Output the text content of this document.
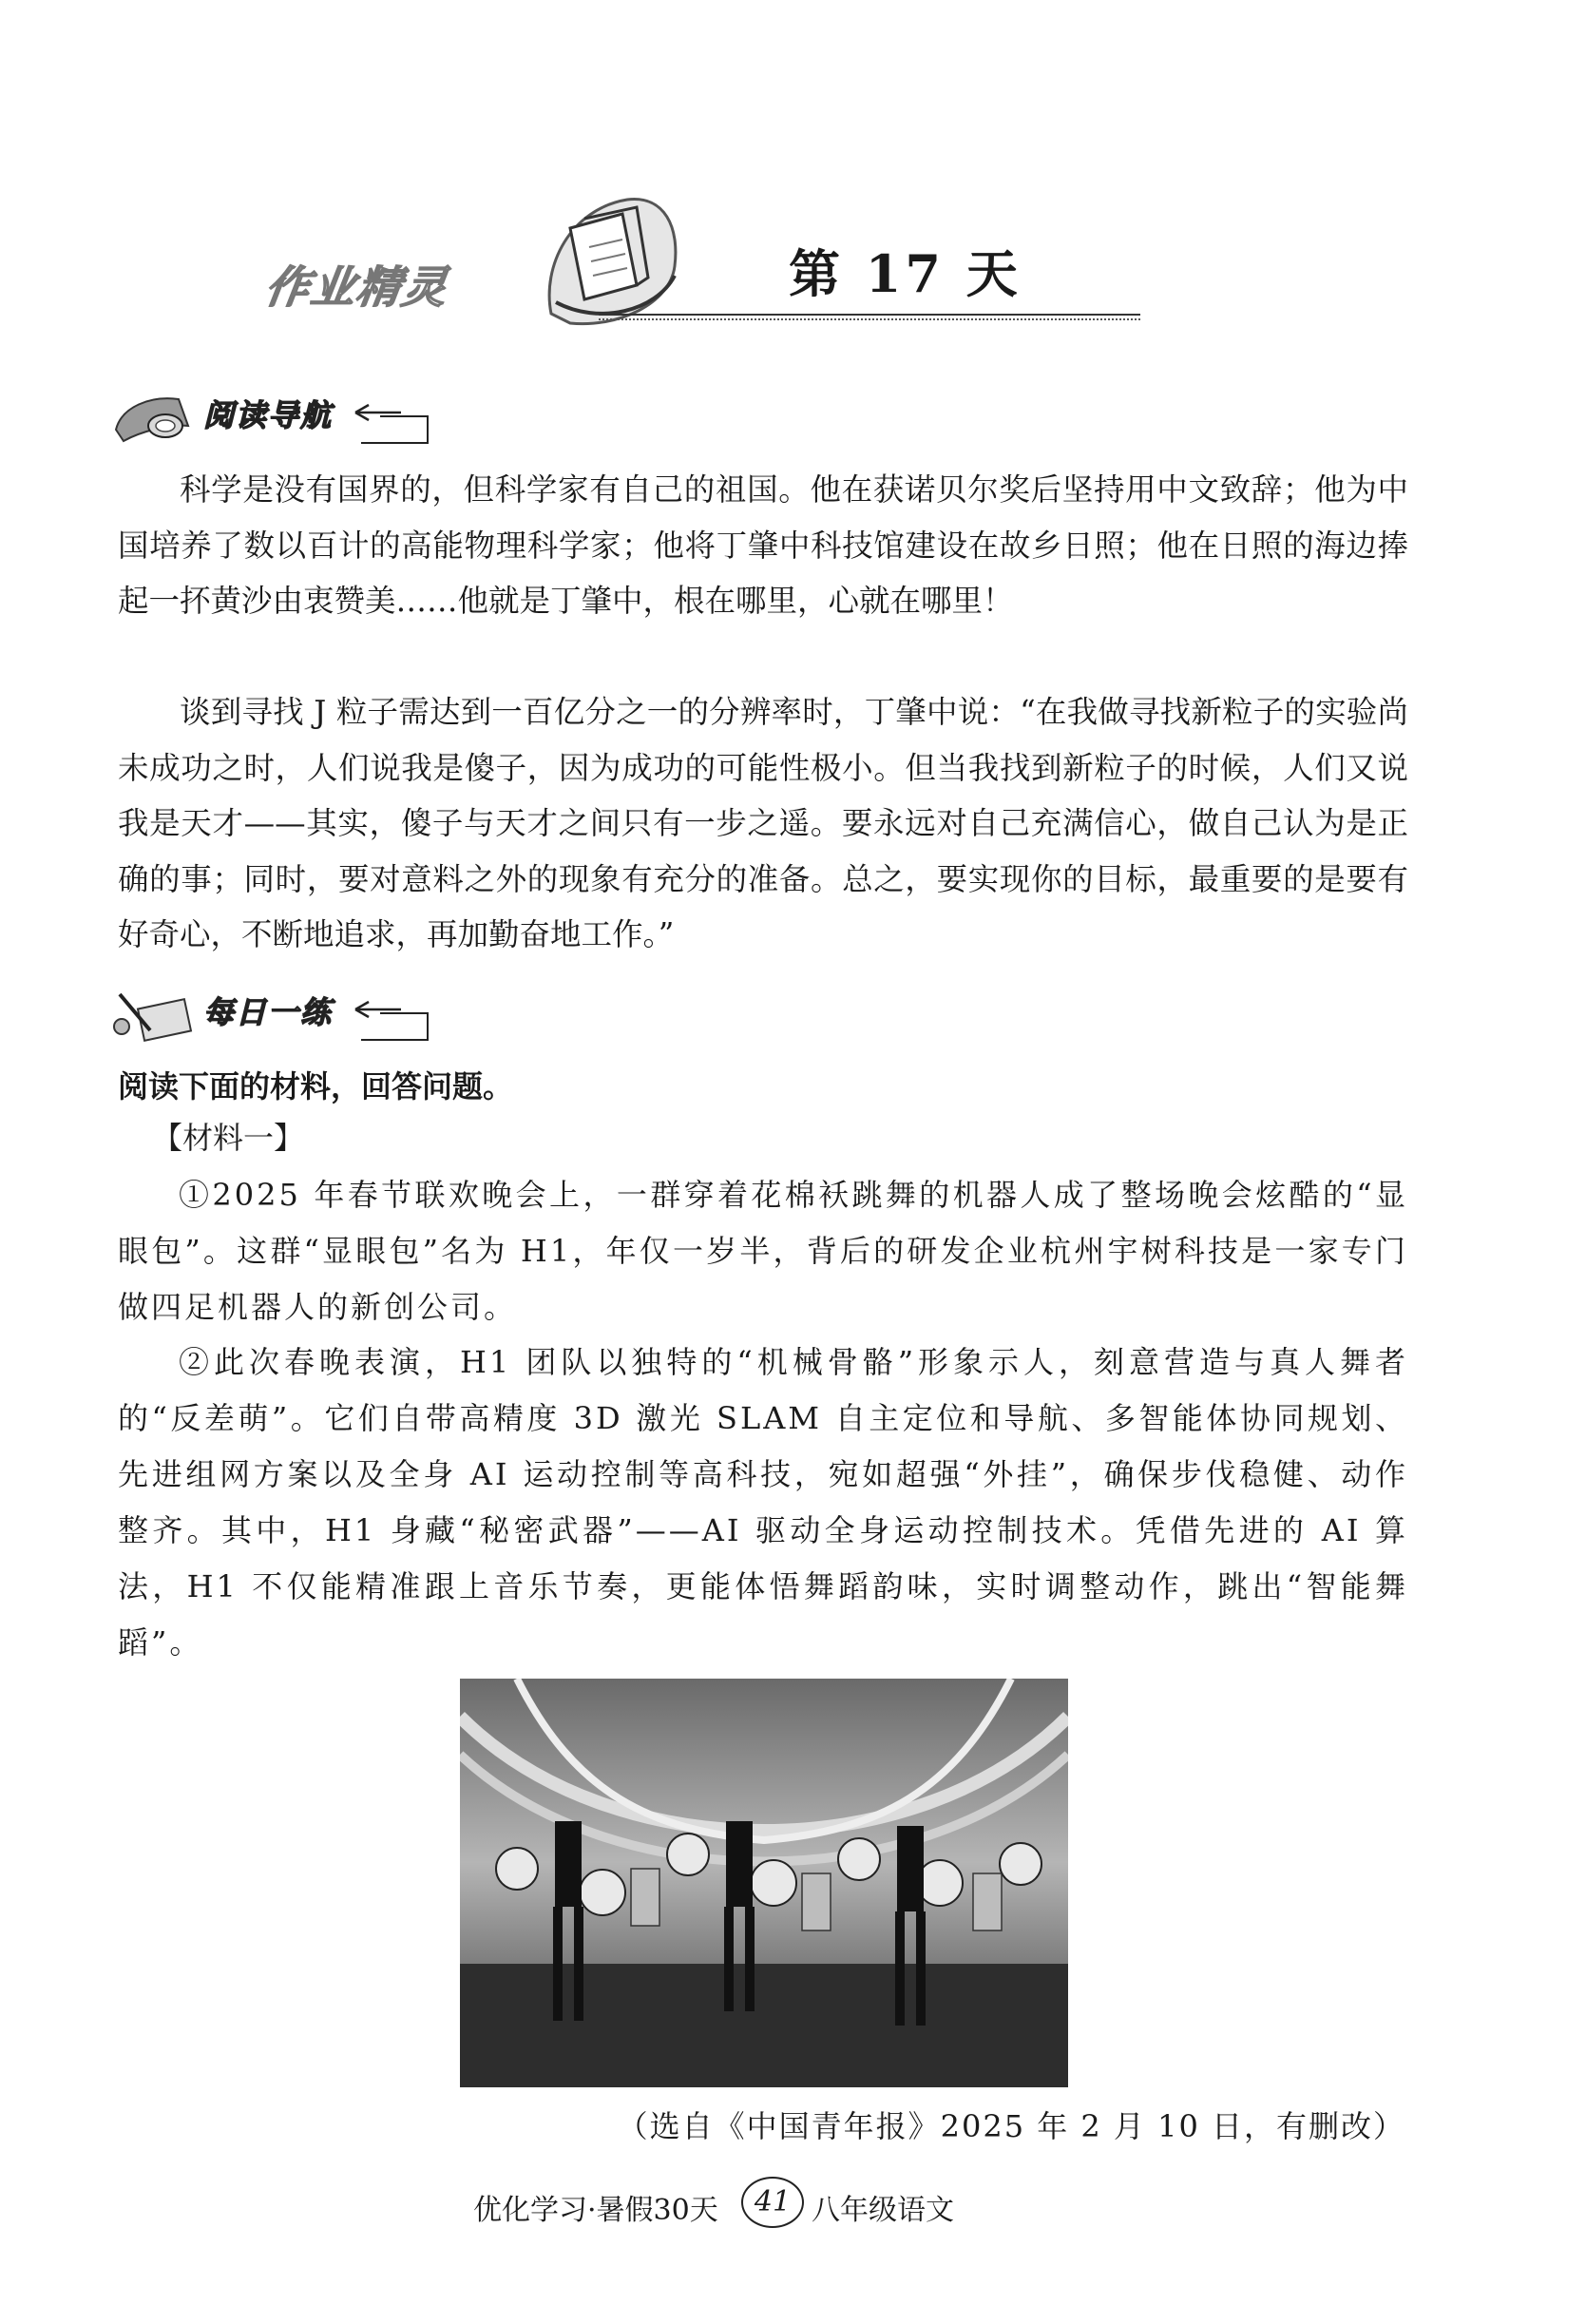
作业精灵	第 17 天
阅读导航

科学是没有国界的，但科学家有自己的祖国。他在获诺贝尔奖后坚持用中文致辞；他为中国培养了数以百计的高能物理科学家；他将丁肇中科技馆建设在故乡日照；他在日照的海边捧起一抔黄沙由衷赞美……他就是丁肇中，根在哪里，心就在哪里！

谈到寻找 J 粒子需达到一百亿分之一的分辨率时，丁肇中说：“在我做寻找新粒子的实验尚未成功之时，人们说我是傻子，因为成功的可能性极小。但当我找到新粒子的时候，人们又说我是天才——其实，傻子与天才之间只有一步之遥。要永远对自己充满信心，做自己认为是正确的事；同时，要对意料之外的现象有充分的准备。总之，要实现你的目标，最重要的是要有好奇心，不断地追求，再加勤奋地工作。”

每日一练

阅读下面的材料，回答问题。

【材料一】

①2025 年春节联欢晚会上，一群穿着花棉袄跳舞的机器人成了整场晚会炫酷的“显眼包”。这群“显眼包”名为 H1，年仅一岁半，背后的研发企业杭州宇树科技是一家专门做四足机器人的新创公司。

②此次春晚表演，H1 团队以独特的“机械骨骼”形象示人，刻意营造与真人舞者的“反差萌”。它们自带高精度 3D 激光 SLAM 自主定位和导航、多智能体协同规划、先进组网方案以及全身 AI 运动控制等高科技，宛如超强“外挂”，确保步伐稳健、动作整齐。其中，H1 身藏“秘密武器”——AI 驱动全身运动控制技术。凭借先进的 AI 算法，H1 不仅能精准跟上音乐节奏，更能体悟舞蹈韵味，实时调整动作，跳出“智能舞蹈”。

（选自《中国青年报》2025 年 2 月 10 日，有删改）

优化学习·暑假30天	41 八年级语文
